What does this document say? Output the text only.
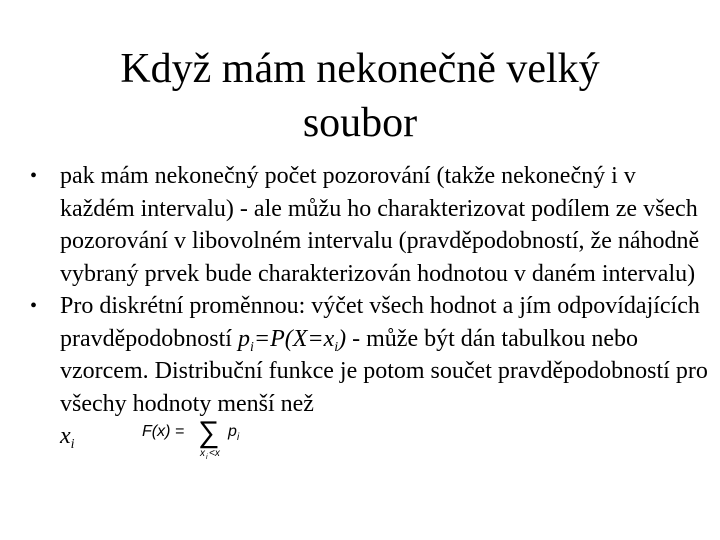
Když mám nekonečně velký
soubor
• pak mám nekonečný počet pozorování (takže nekonečný i v každém intervalu) - ale můžu ho charakterizovat podílem ze všech pozorování v libovolném intervalu (pravděpodobností, že náhodně vybraný prvek bude charakterizován hodnotou v daném intervalu)
• Pro diskrétní proměnnou: výčet všech hodnot a jím odpovídajících pravděpodobností $p_i=P(X=x_i)$ - může být dán tabulkou nebo vzorcem. Distribuční funkce je potom součet pravděpodobností pro všechy hodnoty menší než
$x_i$
F(x) = ∑ p i
x i <x
